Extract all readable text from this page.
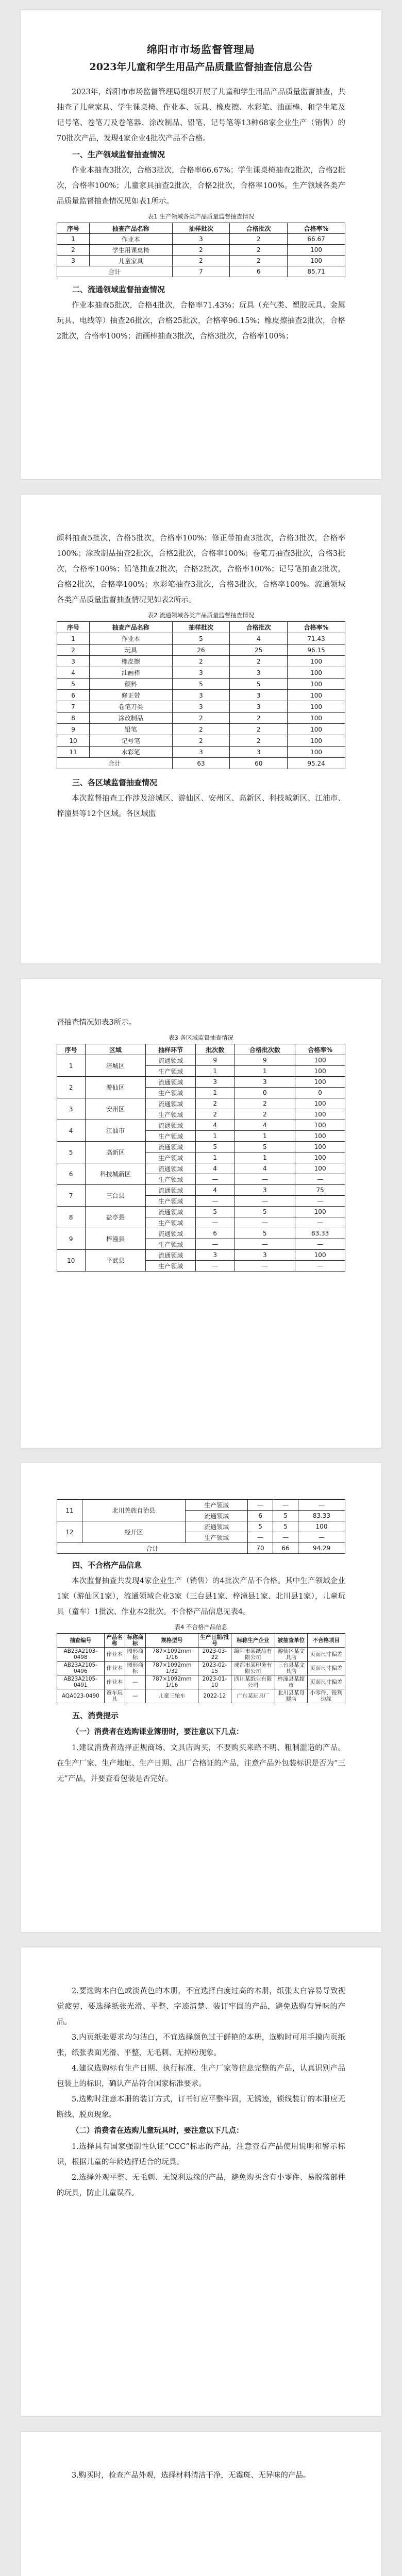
绵阳市市场监督管理局
2023年儿童和学生用品产品质量监督抽查信息公告

2023年，绵阳市市场监督管理局组织开展了儿童和学生用品产品质量监督抽查，共抽查了儿童家具、学生课桌椅、作业本、玩具、橡皮擦、水彩笔、油画棒、和学生笔及记号笔、卷笔刀及卷笔器、涂改制品、铅笔、记号笔等13种68家企业生产（销售）的70批次产品，发现4家企业4批次产品不合格。

一、生产领域监督抽查情况

作业本抽查3批次，合格3批次，合格率66.67%；学生课桌椅抽查2批次，合格2批次，合格率100%；儿童家具抽查2批次，合格2批次，合格率100%。生产领域各类产品质量监督抽查情况见如表1所示。

表1 生产领域各类产品质量监督抽查情况
序号	抽查产品名称	抽样批次	合格批次	合格率%
1	作业本	3	2	66.67
2	学生用课桌椅	2	2	100
3	儿童家具	2	2	100
合计		7	6	85.71

二、流通领域监督抽查情况

作业本抽查5批次，合格4批次，合格率71.43%；玩具（充气类、塑胶玩具、金属玩具、电线等）抽查26批次，合格25批次，合格率96.15%；橡皮擦抽查2批次，合格2批次，合格率100%；油画棒抽查3批次，合格3批次，合格率100%；

颜料抽查5批次，合格5批次，合格率100%；修正带抽查3批次，合格3批次，合格率100%；涂改制品抽查2批次，合格2批次，合格率100%；卷笔刀抽查3批次，合格3批次，合格率100%；铅笔抽查2批次，合格2批次，合格率100%；记号笔抽查2批次，合格2批次，合格率100%；水彩笔抽查3批次，合格3批次，合格率100%。流通领域各类产品质量监督抽查情况见如表2所示。

表2 流通领域各类产品质量监督抽查情况
序号	抽查产品名称	抽样批次	合格批次	合格率%
1	作业本	5	4	71.43
2	玩具	26	25	96.15
3	橡皮擦	2	2	100
4	油画棒	3	3	100
5	颜料	5	5	100
6	修正带	3	3	100
7	卷笔刀类	3	3	100
8	涂改制品	2	2	100
9	铅笔	2	2	100
10	记号笔	2	2	100
11	水彩笔	3	3	100
合计		63	60	95.24

三、各区域监督抽查情况

本次监督抽查工作涉及涪城区、游仙区、安州区、高新区、科技城新区、江油市、梓潼县等12个区域。各区域监

督抽查情况如表3所示。

表3 各区域监督抽查情况
序号	区域	抽样环节	批次数	合格批次数	合格率%
1	涪城区	流通领域	9	9	100
		生产领域	1	1	100
2	游仙区	流通领域	3	3	100
		生产领域	1	0	0
3	安州区	流通领域	2	2	100
		生产领域	2	2	100
4	江油市	流通领域	4	4	100
		生产领域	1	1	100
5	高新区	流通领域	5	5	100
		生产领域	1	1	100
6	科技城新区	流通领域	4	4	100
		生产领域	—	—	—
7	三台县	流通领域	4	3	75
		生产领域	—	—	—
8	盐亭县	流通领域	5	5	100
		生产领域	—	—	—
9	梓潼县	流通领域	6	5	83.33
		生产领域	—	—	—
10	平武县	流通领域	3	3	100
		生产领域	—	—	—
11	北川羌族自治县	生产领域	—	—	—
		流通领域	6	5	83.33
12	经开区	流通领域	5	5	100
		生产领域	—	—	—
合计			70	66	94.29

四、不合格产品信息

本次监督抽查共发现4家企业生产（销售）的4批次产品不合格。其中生产领域企业1家（游仙区1家），流通领域企业3家（三台县1家、梓潼县1家、北川县1家），儿童玩具（童车）1批次、作业本2批次。不合格产品信息见表4。

表4 不合格产品信息
抽查编号	产品名称	标称商标	规格型号	生产日期/批号	标称生产企业	被抽查单位	不合格项目
AB23A2103-0498	作业本	图形商标	787×1092mm 1/16	2023-03-22	绵阳市某纸品有限公司	游仙区某文具店	页面尺寸偏差
AB23A2105-0496	作业本	图形商标	787×1092mm 1/32	2023-02-15	成都市某印务有限公司	三台县某文具店	页面尺寸偏差
AB23A2105-0491	作业本	—	787×1092mm 1/16	2023-01-10	四川某纸业有限公司	梓潼县某超市	页面尺寸偏差
AQA023-0490	童车玩具	—	儿童三轮车	2022-12	广东某玩具厂	北川县某母婴店	小零件、锐利边缘

五、消费提示

（一）消费者在选购课业簿册时，要注意以下几点：

1.建议消费者选择正规商场、文具店购买，不要购买来路不明、粗制滥造的产品。在生产厂家、生产地址、生产日期、出厂合格证的产品，注意产品外包装标识是否为“三无”产品，并要查看包装是否完好。

2.要选购本白色或淡黄色的本册，不宜选择白度过高的本册，纸张太白容易导致视觉疲劳，要选择纸张光滑、平整、字迹清楚、装订牢固的产品，避免选购有异味的产品。

3.内页纸张要求均匀洁白，不宜选择颜色过于鲜艳的本册，选购时可用手摸内页纸张，纸张表面光滑、平整，无毛刺、无掉粉现象。

4.建议选购标有生产日期、执行标准、生产厂家等信息完整的产品，认真识别产品包装上的标识，确认产品符合国家标准要求。

5.选购时注意本册的装订方式，订书钉应平整牢固，无锈迹，锁线装订的本册应无断线、脱页现象。

（二）消费者在选购儿童玩具时，要注意以下几点：

1.选择具有国家强制性认证“CCC”标志的产品，注意查看产品使用说明和警示标识，根据儿童的年龄选择适合的玩具。

2.选择外观平整、无毛刺、无锐利边缘的产品，避免购买含有小零件、易脱落部件的玩具，防止儿童误吞。

3.购买时，检查产品外观，选择材料清洁干净，无霉斑、无异味的产品。
